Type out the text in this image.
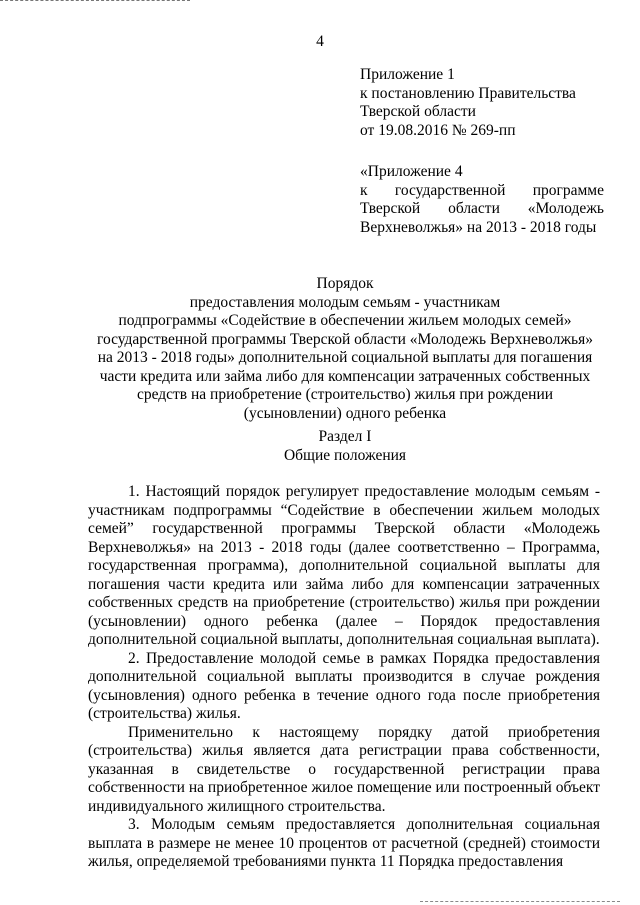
4
Приложение 1
к постановлению Правительства
Тверской области
от 19.08.2016 № 269-пп
«Приложение 4
к государственной программе
Тверской области «Молодежь
Верхневолжья» на 2013 - 2018 годы
Порядок
предоставления молодым семьям - участникам
подпрограммы «Содействие в обеспечении жильем молодых семей»
государственной программы Тверской области «Молодежь Верхневолжья»
на 2013 - 2018 годы» дополнительной социальной выплаты для погашения
части кредита или займа либо для компенсации затраченных собственных
средств на приобретение (строительство) жилья при рождении
(усыновлении) одного ребенка
Раздел I
Общие положения

1. Настоящий порядок регулирует предоставление молодым семьям - участникам подпрограммы “Содействие в обеспечении жильем молодых семей” государственной программы Тверской области «Молодежь Верхневолжья» на 2013 - 2018 годы (далее соответственно – Программа, государственная программа), дополнительной социальной выплаты для погашения части кредита или займа либо для компенсации затраченных собственных средств на приобретение (строительство) жилья при рождении (усыновлении) одного ребенка (далее – Порядок предоставления дополнительной социальной выплаты, дополнительная социальная выплата).

2. Предоставление молодой семье в рамках Порядка предоставления дополнительной социальной выплаты производится в случае рождения (усыновления) одного ребенка в течение одного года после приобретения (строительства) жилья.

Применительно к настоящему порядку датой приобретения (строительства) жилья является дата регистрации права собственности, указанная в свидетельстве о государственной регистрации права собственности на приобретенное жилое помещение или построенный объект индивидуального жилищного строительства.

3. Молодым семьям предоставляется дополнительная социальная выплата в размере не менее 10 процентов от расчетной (средней) стоимости жилья, определяемой требованиями пункта 11 Порядка предоставления
